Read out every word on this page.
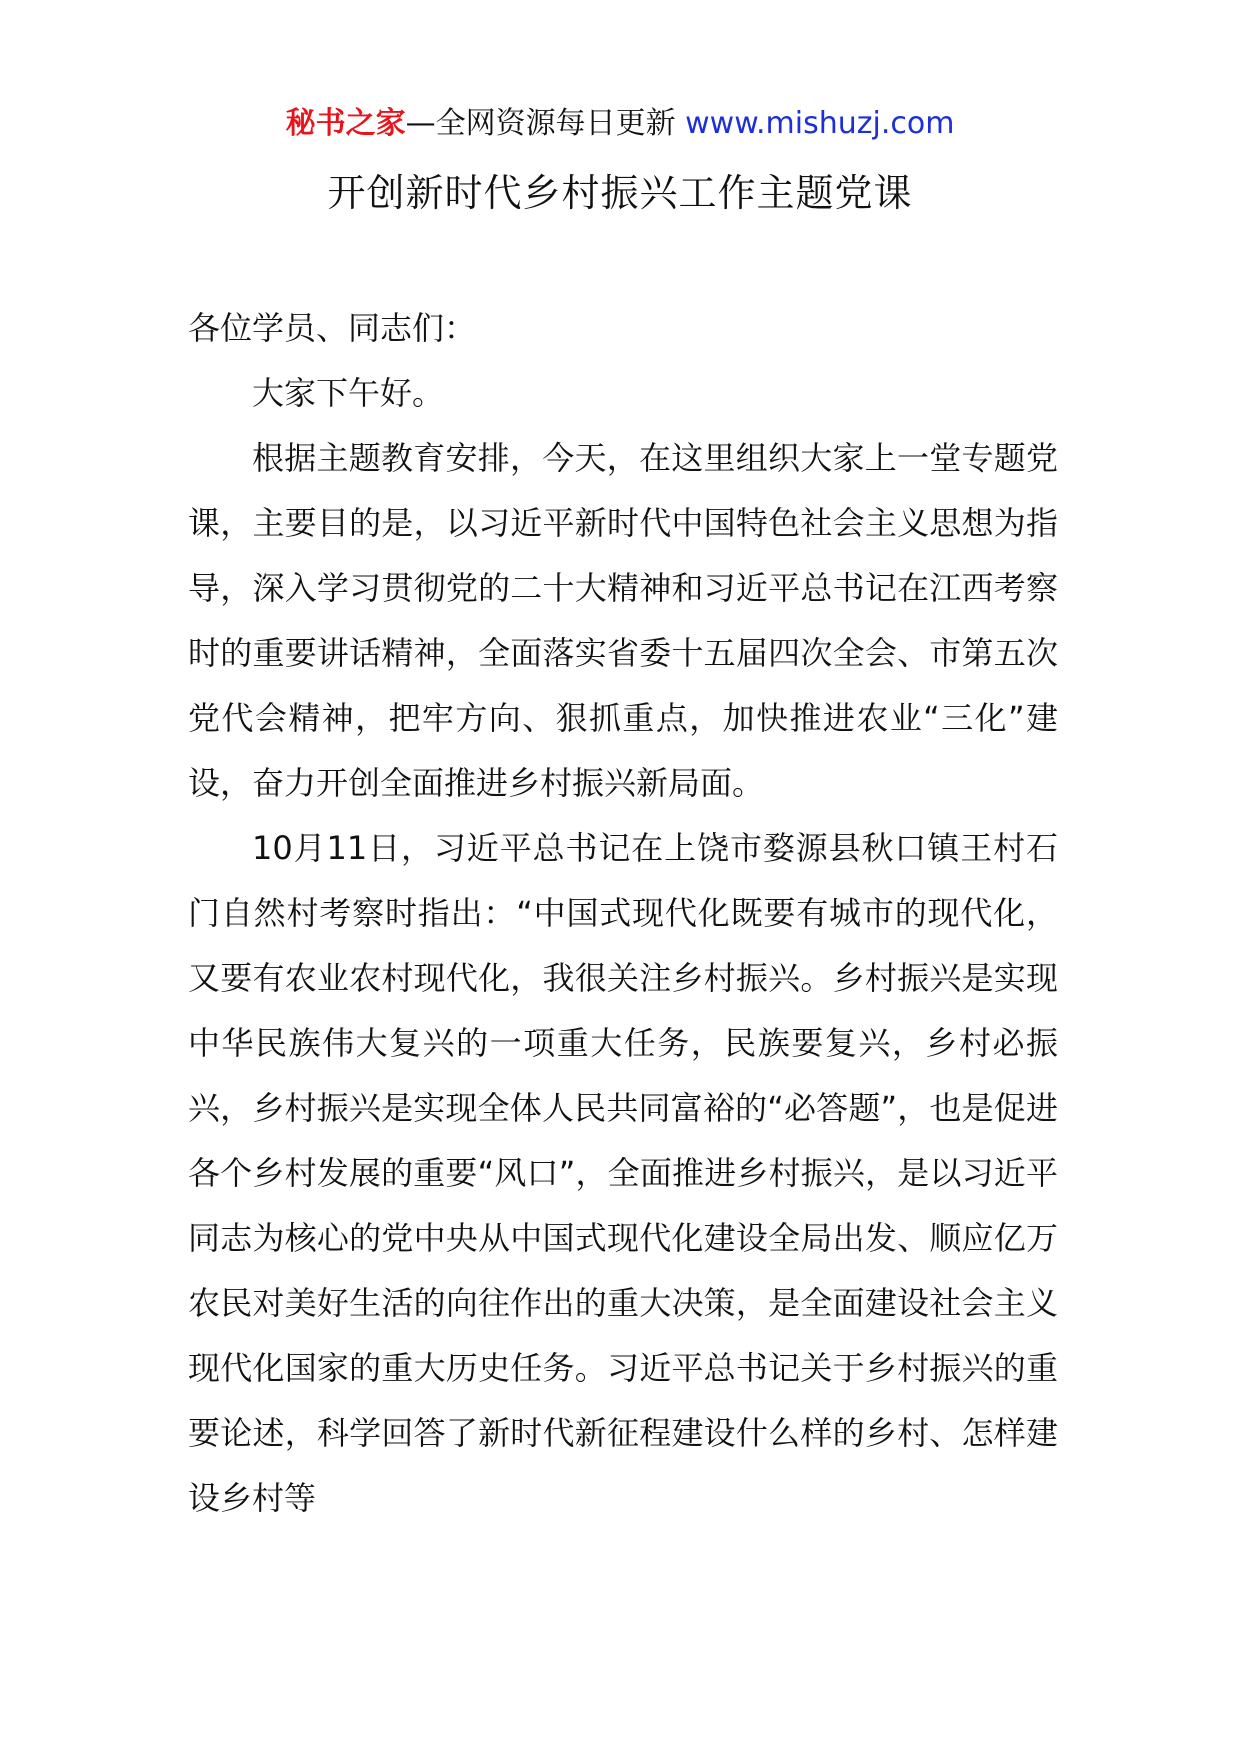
秘书之家—全网资源每日更新 www.mishuzj.com
开创新时代乡村振兴工作主题党课

各位学员、同志们：

大家下午好。

根据主题教育安排，今天，在这里组织大家上一堂专题党课，主要目的是，以习近平新时代中国特色社会主义思想为指导，深入学习贯彻党的二十大精神和习近平总书记在江西考察时的重要讲话精神，全面落实省委十五届四次全会、市第五次党代会精神，把牢方向、狠抓重点，加快推进农业“三化”建设，奋力开创全面推进乡村振兴新局面。

10月11日，习近平总书记在上饶市婺源县秋口镇王村石门自然村考察时指出：“中国式现代化既要有城市的现代化，又要有农业农村现代化，我很关注乡村振兴。乡村振兴是实现中华民族伟大复兴的一项重大任务，民族要复兴，乡村必振兴，乡村振兴是实现全体人民共同富裕的“必答题”，也是促进各个乡村发展的重要“风口”，全面推进乡村振兴，是以习近平同志为核心的党中央从中国式现代化建设全局出发、顺应亿万农民对美好生活的向往作出的重大决策，是全面建设社会主义现代化国家的重大历史任务。习近平总书记关于乡村振兴的重要论述，科学回答了新时代新征程建设什么样的乡村、怎样建设乡村等
